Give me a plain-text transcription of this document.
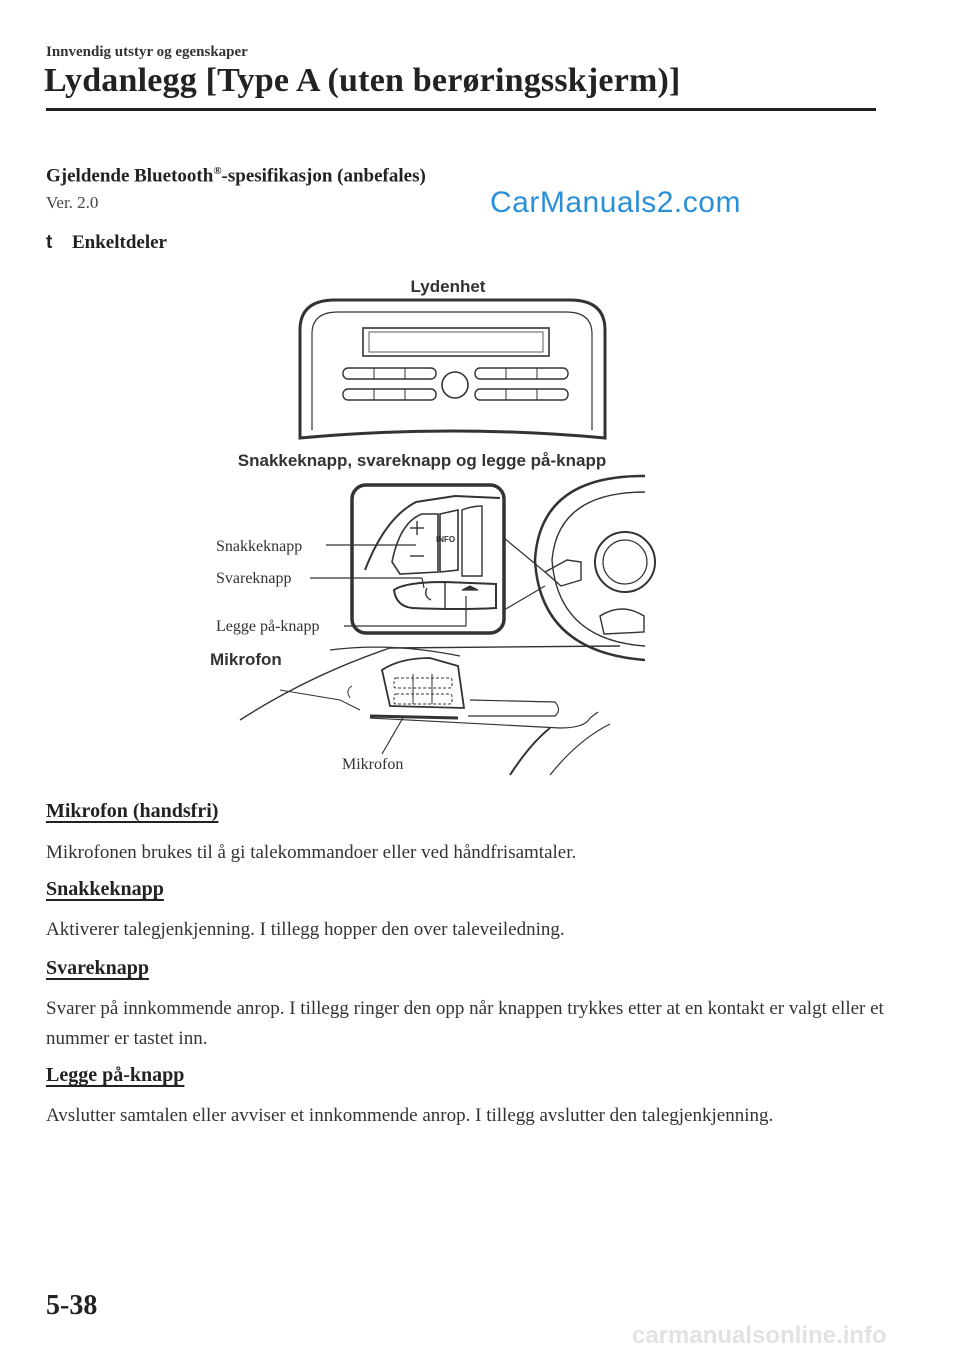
Innvendig utstyr og egenskaper
Lydanlegg [Type A (uten berøringsskjerm)]
Gjeldende Bluetooth®-spesifikasjon (anbefales)
Ver. 2.0	CarManuals2.com
t Enkeltdeler
Lydenhet
Snakkeknapp, svareknapp og legge på-knapp
INFO
Snakkeknapp
Svareknapp
Legge på-knapp
Mikrofon
Mikrofon
Mikrofon (handsfri)
Mikrofonen brukes til å gi talekommandoer eller ved håndfrisamtaler.
Snakkeknapp
Aktiverer talegjenkjenning. I tillegg hopper den over taleveiledning.
Svareknapp
Svarer på innkommende anrop. I tillegg ringer den opp når knappen trykkes etter at en kontakt er valgt eller et nummer er tastet inn.
Legge på-knapp
Avslutter samtalen eller avviser et innkommende anrop. I tillegg avslutter den talegjenkjenning.
5-38
carmanualsonline.info
